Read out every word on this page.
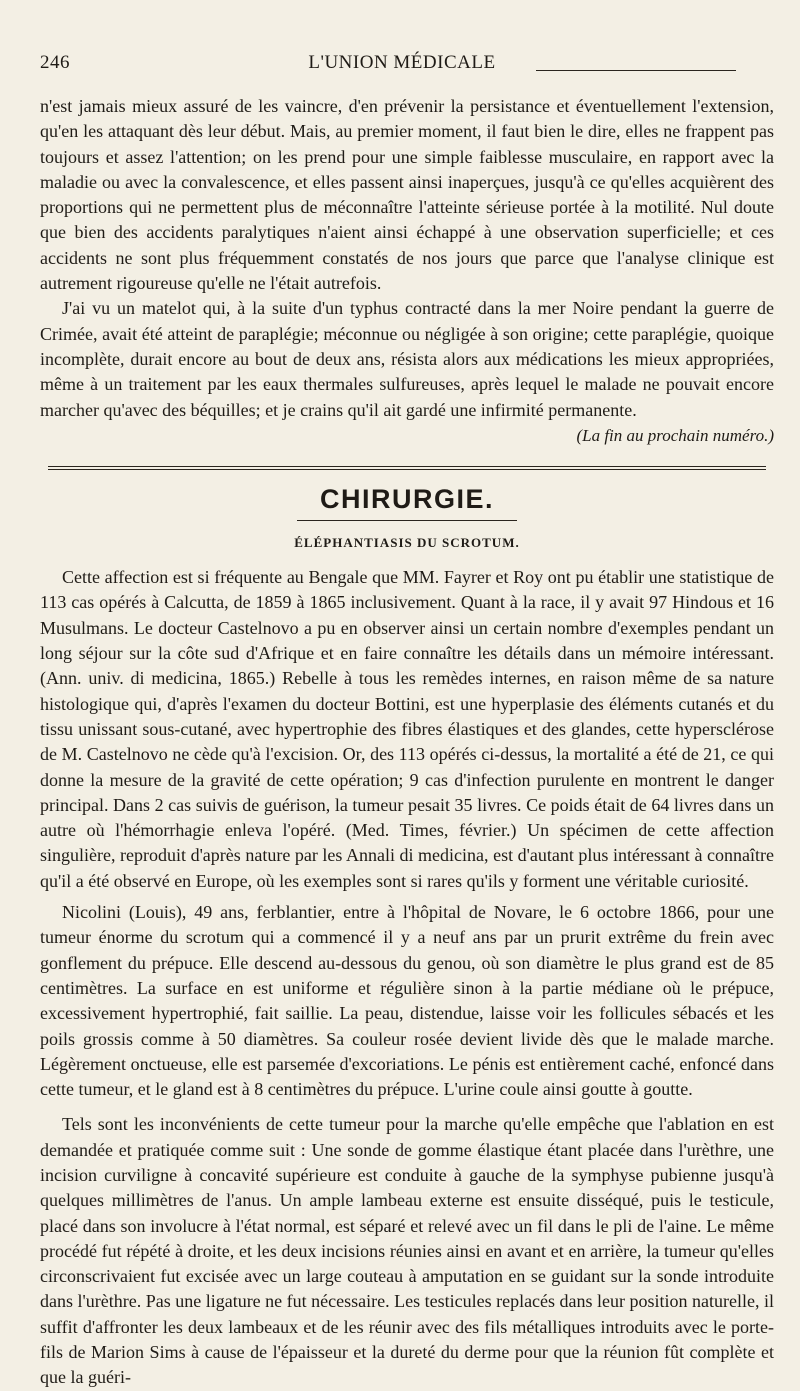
246	L'UNION MÉDICALE

n'est jamais mieux assuré de les vaincre, d'en prévenir la persistance et éventuellement l'extension, qu'en les attaquant dès leur début. Mais, au premier moment, il faut bien le dire, elles ne frappent pas toujours et assez l'attention; on les prend pour une simple faiblesse musculaire, en rapport avec la maladie ou avec la convalescence, et elles passent ainsi inaperçues, jusqu'à ce qu'elles acquièrent des proportions qui ne permettent plus de méconnaître l'atteinte sérieuse portée à la motilité. Nul doute que bien des accidents paralytiques n'aient ainsi échappé à une observation superficielle; et ces accidents ne sont plus fréquemment constatés de nos jours que parce que l'analyse clinique est autrement rigoureuse qu'elle ne l'était autrefois.

J'ai vu un matelot qui, à la suite d'un typhus contracté dans la mer Noire pendant la guerre de Crimée, avait été atteint de paraplégie; méconnue ou négligée à son origine; cette paraplégie, quoique incomplète, durait encore au bout de deux ans, résista alors aux médications les mieux appropriées, même à un traitement par les eaux thermales sulfureuses, après lequel le malade ne pouvait encore marcher qu'avec des béquilles; et je crains qu'il ait gardé une infirmité permanente.

(La fin au prochain numéro.)

CHIRURGIE.
ÉLÉPHANTIASIS DU SCROTUM.

Cette affection est si fréquente au Bengale que MM. Fayrer et Roy ont pu établir une statistique de 113 cas opérés à Calcutta, de 1859 à 1865 inclusivement. Quant à la race, il y avait 97 Hindous et 16 Musulmans. Le docteur Castelnovo a pu en observer ainsi un certain nombre d'exemples pendant un long séjour sur la côte sud d'Afrique et en faire connaître les détails dans un mémoire intéressant. (Ann. univ. di medicina, 1865.) Rebelle à tous les remèdes internes, en raison même de sa nature histologique qui, d'après l'examen du docteur Bottini, est une hyperplasie des éléments cutanés et du tissu unissant sous-cutané, avec hypertrophie des fibres élastiques et des glandes, cette hypersclérose de M. Castelnovo ne cède qu'à l'excision. Or, des 113 opérés ci-dessus, la mortalité a été de 21, ce qui donne la mesure de la gravité de cette opération; 9 cas d'infection purulente en montrent le danger principal. Dans 2 cas suivis de guérison, la tumeur pesait 35 livres. Ce poids était de 64 livres dans un autre où l'hémorrhagie enleva l'opéré. (Med. Times, février.) Un spécimen de cette affection singulière, reproduit d'après nature par les Annali di medicina, est d'autant plus intéressant à connaître qu'il a été observé en Europe, où les exemples sont si rares qu'ils y forment une véritable curiosité.

Nicolini (Louis), 49 ans, ferblantier, entre à l'hôpital de Novare, le 6 octobre 1866, pour une tumeur énorme du scrotum qui a commencé il y a neuf ans par un prurit extrême du frein avec gonflement du prépuce. Elle descend au-dessous du genou, où son diamètre le plus grand est de 85 centimètres. La surface en est uniforme et régulière sinon à la partie médiane où le prépuce, excessivement hypertrophié, fait saillie. La peau, distendue, laisse voir les follicules sébacés et les poils grossis comme à 50 diamètres. Sa couleur rosée devient livide dès que le malade marche. Légèrement onctueuse, elle est parsemée d'excoriations. Le pénis est entièrement caché, enfoncé dans cette tumeur, et le gland est à 8 centimètres du prépuce. L'urine coule ainsi goutte à goutte.

Tels sont les inconvénients de cette tumeur pour la marche qu'elle empêche que l'ablation en est demandée et pratiquée comme suit : Une sonde de gomme élastique étant placée dans l'urèthre, une incision curviligne à concavité supérieure est conduite à gauche de la symphyse pubienne jusqu'à quelques millimètres de l'anus. Un ample lambeau externe est ensuite disséqué, puis le testicule, placé dans son involucre à l'état normal, est séparé et relevé avec un fil dans le pli de l'aine. Le même procédé fut répété à droite, et les deux incisions réunies ainsi en avant et en arrière, la tumeur qu'elles circonscrivaient fut excisée avec un large couteau à amputation en se guidant sur la sonde introduite dans l'urèthre. Pas une ligature ne fut nécessaire. Les testicules replacés dans leur position naturelle, il suffit d'affronter les deux lambeaux et de les réunir avec des fils métalliques introduits avec le porte-fils de Marion Sims à cause de l'épaisseur et la dureté du derme pour que la réunion fût complète et que la guéri-
